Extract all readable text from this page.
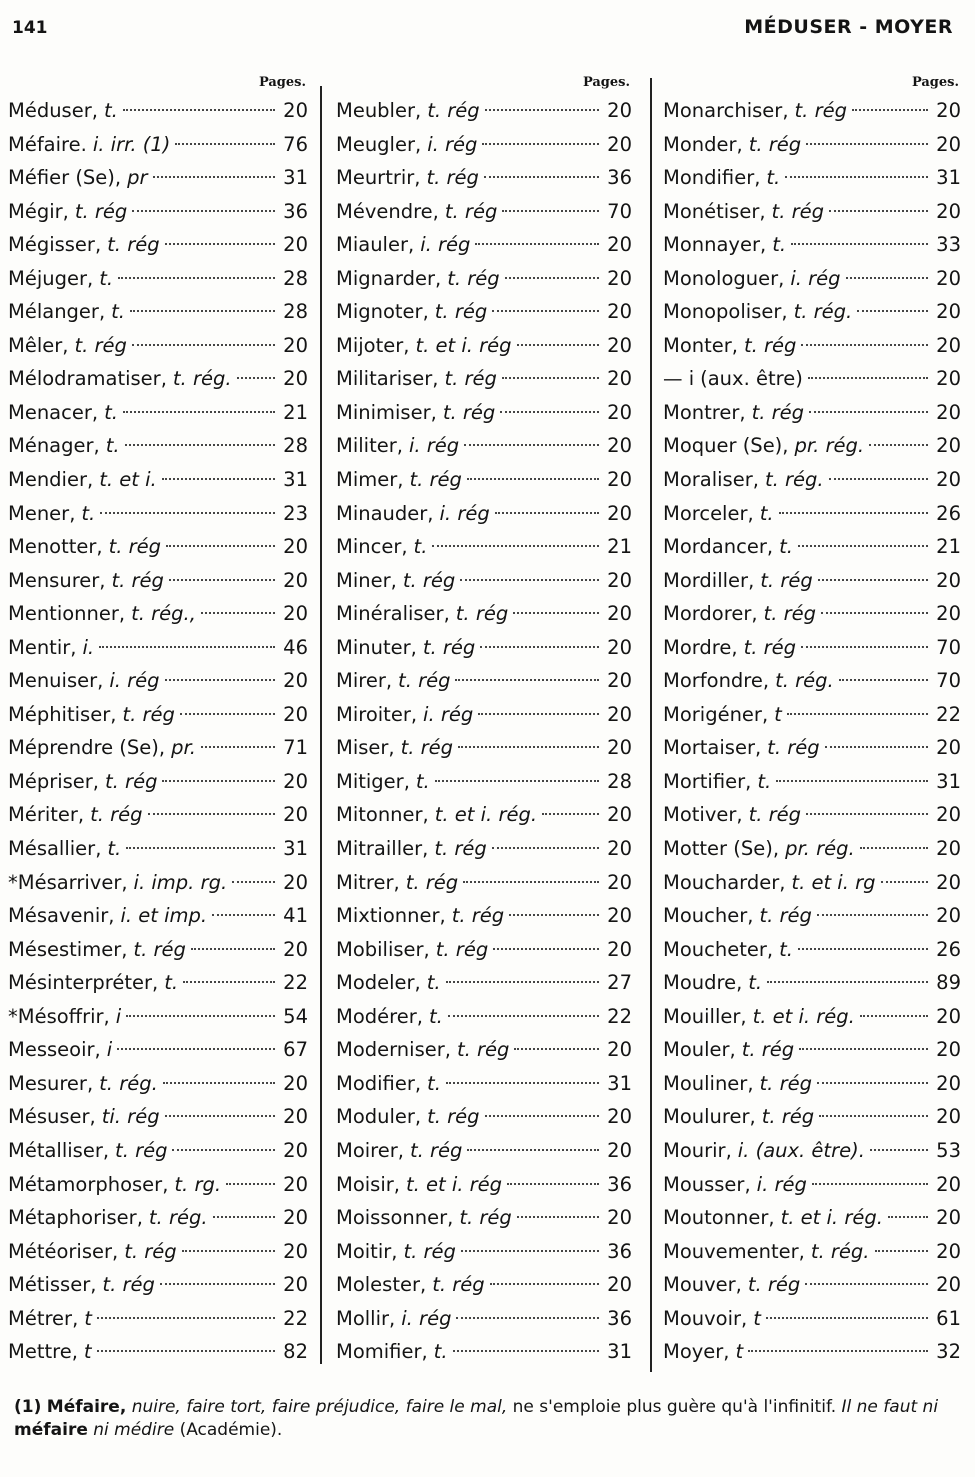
141	MÉDUSER - MOYER
Pages.
Méduser, t.	20
Méfaire. i. irr. (1)	76
Méfier (Se), pr	31
Mégir, t. rég	36
Mégisser, t. rég	20
Méjuger, t.	28
Mélanger, t.	28
Mêler, t. rég	20
Mélodramatiser, t. rég.	20
Menacer, t.	21
Ménager, t.	28
Mendier, t. et i.	31
Mener, t.	23
Menotter, t. rég	20
Mensurer, t. rég	20
Mentionner, t. rég.,	20
Mentir, i.	46
Menuiser, i. rég	20
Méphitiser, t. rég	20
Méprendre (Se), pr.	71
Mépriser, t. rég	20
Mériter, t. rég	20
Mésallier, t.	31
*Mésarriver, i. imp. rg.	20
Mésavenir, i. et imp.	41
Mésestimer, t. rég	20
Mésinterpréter, t.	22
*Mésoffrir, i	54
Messeoir, i	67
Mesurer, t. rég.	20
Mésuser, ti. rég	20
Métalliser, t. rég	20
Métamorphoser, t. rg.	20
Métaphoriser, t. rég.	20
Météoriser, t. rég	20
Métisser, t. rég	20
Métrer, t	22
Mettre, t	82
Pages.
Meubler, t. rég	20
Meugler, i. rég	20
Meurtrir, t. rég	36
Mévendre, t. rég	70
Miauler, i. rég	20
Mignarder, t. rég	20
Mignoter, t. rég	20
Mijoter, t. et i. rég	20
Militariser, t. rég	20
Minimiser, t. rég	20
Militer, i. rég	20
Mimer, t. rég	20
Minauder, i. rég	20
Mincer, t.	21
Miner, t. rég	20
Minéraliser, t. rég	20
Minuter, t. rég	20
Mirer, t. rég	20
Miroiter, i. rég	20
Miser, t. rég	20
Mitiger, t.	28
Mitonner, t. et i. rég.	20
Mitrailler, t. rég	20
Mitrer, t. rég	20
Mixtionner, t. rég	20
Mobiliser, t. rég	20
Modeler, t.	27
Modérer, t.	22
Moderniser, t. rég	20
Modifier, t.	31
Moduler, t. rég	20
Moirer, t. rég	20
Moisir, t. et i. rég	36
Moissonner, t. rég	20
Moitir, t. rég	36
Molester, t. rég	20
Mollir, i. rég	36
Momifier, t.	31
Pages.
Monarchiser, t. rég	20
Monder, t. rég	20
Mondifier, t.	31
Monétiser, t. rég	20
Monnayer, t.	33
Monologuer, i. rég	20
Monopoliser, t. rég.	20
Monter, t. rég	20
— i (aux. être)	20
Montrer, t. rég	20
Moquer (Se), pr. rég.	20
Moraliser, t. rég.	20
Morceler, t.	26
Mordancer, t.	21
Mordiller, t. rég	20
Mordorer, t. rég	20
Mordre, t. rég	70
Morfondre, t. rég.	70
Morigéner, t	22
Mortaiser, t. rég	20
Mortifier, t.	31
Motiver, t. rég	20
Motter (Se), pr. rég.	20
Moucharder, t. et i. rg	20
Moucher, t. rég	20
Moucheter, t.	26
Moudre, t.	89
Mouiller, t. et i. rég.	20
Mouler, t. rég	20
Mouliner, t. rég	20
Moulurer, t. rég	20
Mourir, i. (aux. être).	53
Mousser, i. rég	20
Moutonner, t. et i. rég.	20
Mouvementer, t. rég.	20
Mouver, t. rég	20
Mouvoir, t	61
Moyer, t	32
(1) Méfaire, nuire, faire tort, faire préjudice, faire le mal, ne s'emploie plus guère qu'à l'infinitif. Il ne faut ni méfaire ni médire (Académie).
